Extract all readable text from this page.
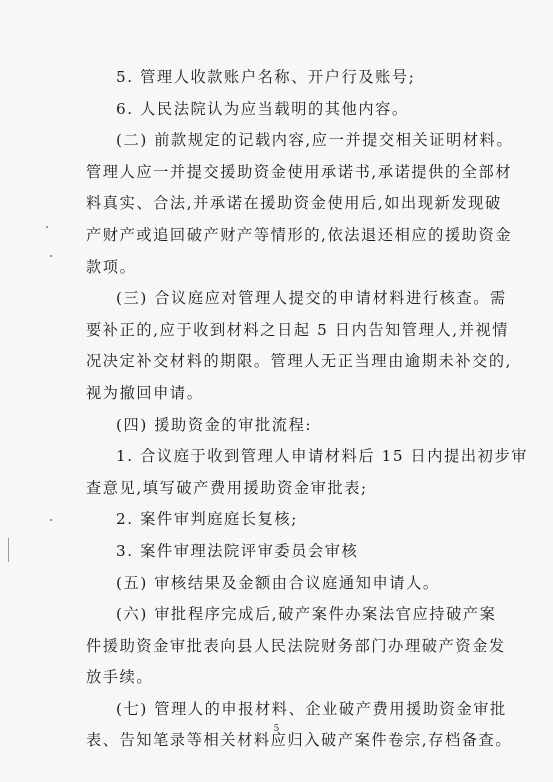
5. 管理人收款账户名称、开户行及账号;
6. 人民法院认为应当载明的其他内容。
(二) 前款规定的记载内容,应一并提交相关证明材料。
管理人应一并提交援助资金使用承诺书,承诺提供的全部材
料真实、合法,并承诺在援助资金使用后,如出现新发现破
产财产或追回破产财产等情形的,依法退还相应的援助资金
款项。
(三) 合议庭应对管理人提交的申请材料进行核查。需
要补正的,应于收到材料之日起 5 日内告知管理人,并视情
况决定补交材料的期限。管理人无正当理由逾期未补交的,
视为撤回申请。
(四) 援助资金的审批流程:
1. 合议庭于收到管理人申请材料后 15 日内提出初步审
查意见,填写破产费用援助资金审批表;
2. 案件审判庭庭长复核;
3. 案件审理法院评审委员会审核
(五) 审核结果及金额由合议庭通知申请人。
(六) 审批程序完成后,破产案件办案法官应持破产案
件援助资金审批表向县人民法院财务部门办理破产资金发
放手续。
(七) 管理人的申报材料、企业破产费用援助资金审批
表、告知笔录等相关材料应归入破产案件卷宗,存档备查。
5
